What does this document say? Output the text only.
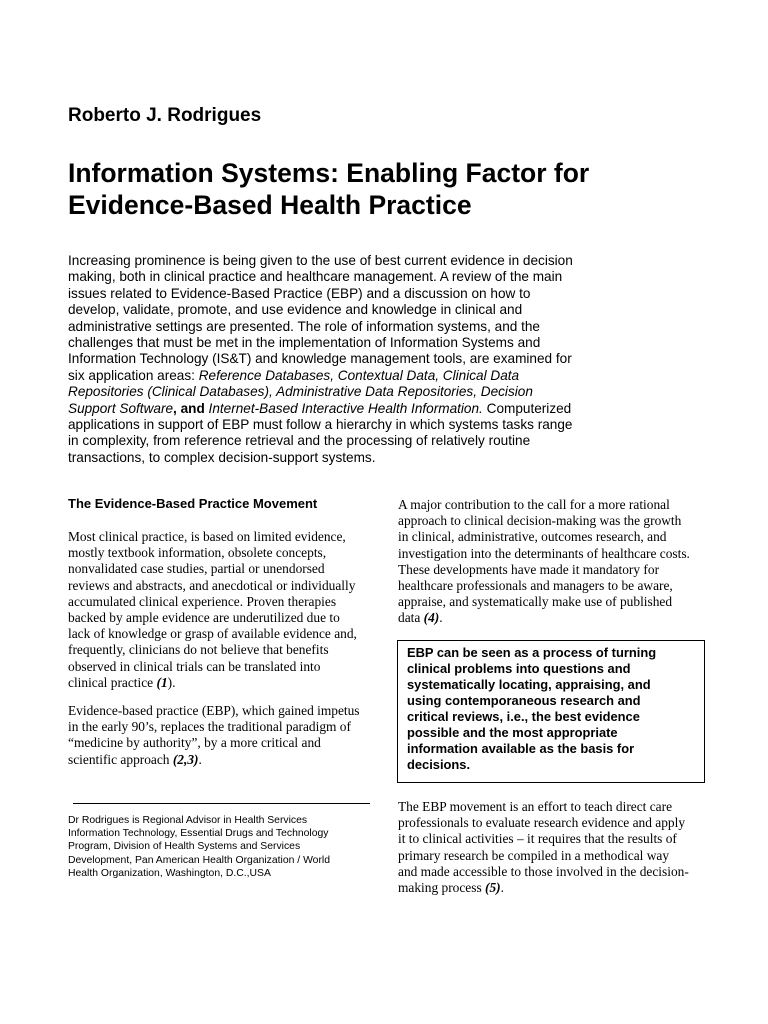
Roberto J. Rodrigues
Information Systems: Enabling Factor for
Evidence-Based Health Practice
Increasing prominence is being given to the use of best current evidence in decision
making, both in clinical practice and healthcare management. A review of the main
issues related to Evidence-Based Practice (EBP) and a discussion on how to
develop, validate, promote, and use evidence and knowledge in clinical and
administrative settings are presented. The role of information systems, and the
challenges that must be met in the implementation of Information Systems and
Information Technology (IS&T) and knowledge management tools, are examined for
six application areas: Reference Databases, Contextual Data, Clinical Data
Repositories (Clinical Databases), Administrative Data Repositories, Decision
Support Software, and Internet-Based Interactive Health Information. Computerized
applications in support of EBP must follow a hierarchy in which systems tasks range
in complexity, from reference retrieval and the processing of relatively routine
transactions, to complex decision-support systems.
The Evidence-Based Practice Movement
Most clinical practice, is based on limited evidence,
mostly textbook information, obsolete concepts,
nonvalidated case studies, partial or unendorsed
reviews and abstracts, and anecdotical or individually
accumulated clinical experience. Proven therapies
backed by ample evidence are underutilized due to
lack of knowledge or grasp of available evidence and,
frequently, clinicians do not believe that benefits
observed in clinical trials can be translated into
clinical practice (1).
Evidence-based practice (EBP), which gained impetus
in the early 90’s, replaces the traditional paradigm of
“medicine by authority”, by a more critical and
scientific approach (2,3).
Dr Rodrigues is Regional Advisor in Health Services
Information Technology, Essential Drugs and Technology
Program, Division of Health Systems and Services
Development, Pan American Health Organization / World
Health Organization, Washington, D.C.,USA
A major contribution to the call for a more rational
approach to clinical decision-making was the growth
in clinical, administrative, outcomes research, and
investigation into the determinants of healthcare costs.
These developments have made it mandatory for
healthcare professionals and managers to be aware,
appraise, and systematically make use of published
data (4).
EBP can be seen as a process of turning
clinical problems into questions and
systematically locating, appraising, and
using contemporaneous research and
critical reviews, i.e., the best evidence
possible and the most appropriate
information available as the basis for
decisions.
The EBP movement is an effort to teach direct care
professionals to evaluate research evidence and apply
it to clinical activities – it requires that the results of
primary research be compiled in a methodical way
and made accessible to those involved in the decision-
making process (5).
